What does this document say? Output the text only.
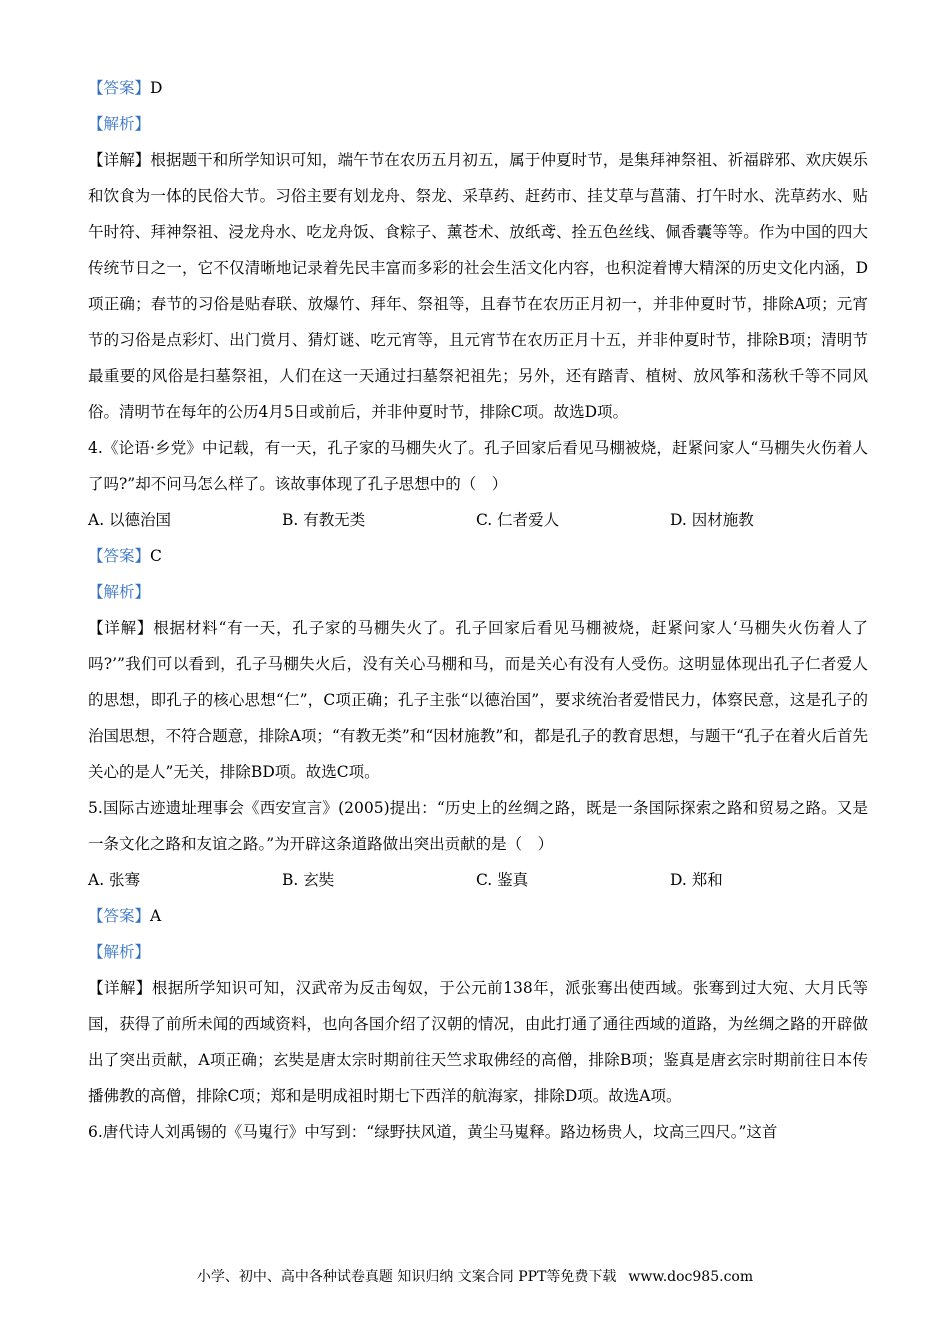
【答案】D

【解析】

【详解】根据题干和所学知识可知，端午节在农历五月初五，属于仲夏时节，是集拜神祭祖、祈福辟邪、欢庆娱乐和饮食为一体的民俗大节。习俗主要有划龙舟、祭龙、采草药、赶药市、挂艾草与菖蒲、打午时水、洗草药水、贴午时符、拜神祭祖、浸龙舟水、吃龙舟饭、食粽子、薰苍术、放纸鸢、拴五色丝线、佩香囊等等。作为中国的四大传统节日之一，它不仅清晰地记录着先民丰富而多彩的社会生活文化内容，也积淀着博大精深的历史文化内涵，D项正确；春节的习俗是贴春联、放爆竹、拜年、祭祖等，且春节在农历正月初一，并非仲夏时节，排除A项；元宵节的习俗是点彩灯、出门赏月、猜灯谜、吃元宵等，且元宵节在农历正月十五，并非仲夏时节，排除B项；清明节最重要的风俗是扫墓祭祖，人们在这一天通过扫墓祭祀祖先；另外，还有踏青、植树、放风筝和荡秋千等不同风俗。清明节在每年的公历4月5日或前后，并非仲夏时节，排除C项。故选D项。

4.《论语·乡党》中记载，有一天，孔子家的马棚失火了。孔子回家后看见马棚被烧，赶紧问家人“马棚失火伤着人了吗?”却不问马怎么样了。该故事体现了孔子思想中的（　）

A. 以德治国	B. 有教无类	C. 仁者爱人	D. 因材施教

【答案】C

【解析】

【详解】根据材料“有一天，孔子家的马棚失火了。孔子回家后看见马棚被烧，赶紧问家人‘马棚失火伤着人了吗?’”我们可以看到，孔子马棚失火后，没有关心马棚和马，而是关心有没有人受伤。这明显体现出孔子仁者爱人的思想，即孔子的核心思想“仁”，C项正确；孔子主张“以德治国”，要求统治者爱惜民力，体察民意，这是孔子的治国思想，不符合题意，排除A项；“有教无类”和“因材施教”和，都是孔子的教育思想，与题干“孔子在着火后首先关心的是人”无关，排除BD项。故选C项。

5.国际古迹遗址理事会《西安宣言》(2005)提出：“历史上的丝绸之路，既是一条国际探索之路和贸易之路。又是一条文化之路和友谊之路。”为开辟这条道路做出突出贡献的是（　）

A. 张骞	B. 玄奘	C. 鉴真	D. 郑和

【答案】A

【解析】

【详解】根据所学知识可知，汉武帝为反击匈奴，于公元前138年，派张骞出使西域。张骞到过大宛、大月氏等国，获得了前所未闻的西域资料，也向各国介绍了汉朝的情况，由此打通了通往西域的道路，为丝绸之路的开辟做出了突出贡献，A项正确；玄奘是唐太宗时期前往天竺求取佛经的高僧，排除B项；鉴真是唐玄宗时期前往日本传播佛教的高僧，排除C项；郑和是明成祖时期七下西洋的航海家，排除D项。故选A项。

6.唐代诗人刘禹锡的《马嵬行》中写到：“绿野扶风道，黄尘马嵬释。路边杨贵人，坟高三四尺。”这首

小学、初中、高中各种试卷真题 知识归纳 文案合同 PPT等免费下载 www.doc985.com
